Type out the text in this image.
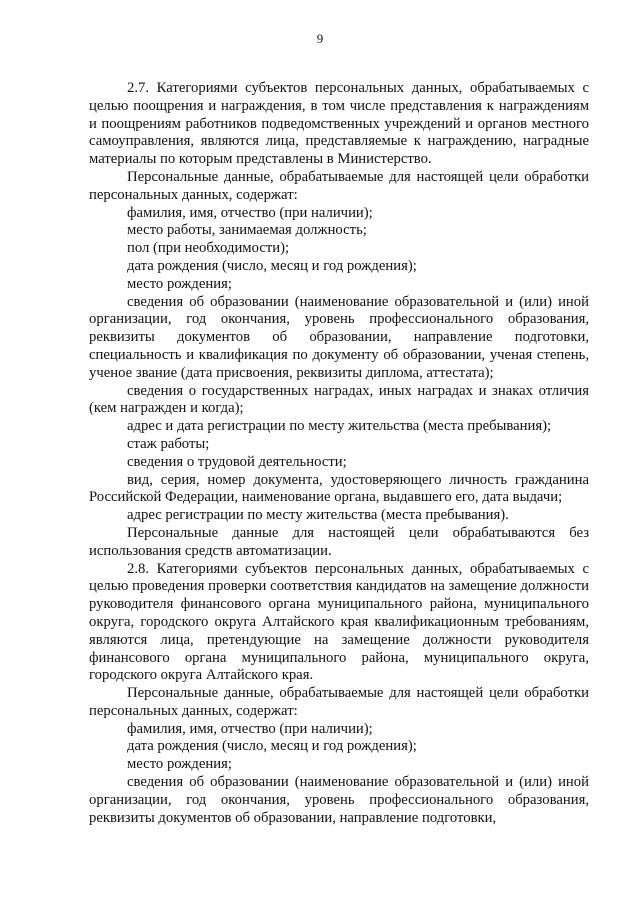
9

2.7. Категориями субъектов персональных данных, обрабатываемых с целью поощрения и награждения, в том числе представления к награждениям и поощрениям работников подведомственных учреждений и органов местного самоуправления, являются лица, представляемые к награждению, наградные материалы по которым представлены в Министерство.

Персональные данные, обрабатываемые для настоящей цели обработки персональных данных, содержат:

фамилия, имя, отчество (при наличии);

место работы, занимаемая должность;

пол (при необходимости);

дата рождения (число, месяц и год рождения);

место рождения;

сведения об образовании (наименование образовательной и (или) иной организации, год окончания, уровень профессионального образования, реквизиты документов об образовании, направление подготовки, специальность и квалификация по документу об образовании, ученая степень, ученое звание (дата присвоения, реквизиты диплома, аттестата);

сведения о государственных наградах, иных наградах и знаках отличия (кем награжден и когда);

адрес и дата регистрации по месту жительства (места пребывания);

стаж работы;

сведения о трудовой деятельности;

вид, серия, номер документа, удостоверяющего личность гражданина Российской Федерации, наименование органа, выдавшего его, дата выдачи;

адрес регистрации по месту жительства (места пребывания).

Персональные данные для настоящей цели обрабатываются без использования средств автоматизации.

2.8. Категориями субъектов персональных данных, обрабатываемых с целью проведения проверки соответствия кандидатов на замещение должности руководителя финансового органа муниципального района, муниципального округа, городского округа Алтайского края квалификационным требованиям, являются лица, претендующие на замещение должности руководителя финансового органа муниципального района, муниципального округа, городского округа Алтайского края.

Персональные данные, обрабатываемые для настоящей цели обработки персональных данных, содержат:

фамилия, имя, отчество (при наличии);

дата рождения (число, месяц и год рождения);

место рождения;

сведения об образовании (наименование образовательной и (или) иной организации, год окончания, уровень профессионального образования, реквизиты документов об образовании, направление подготовки,
